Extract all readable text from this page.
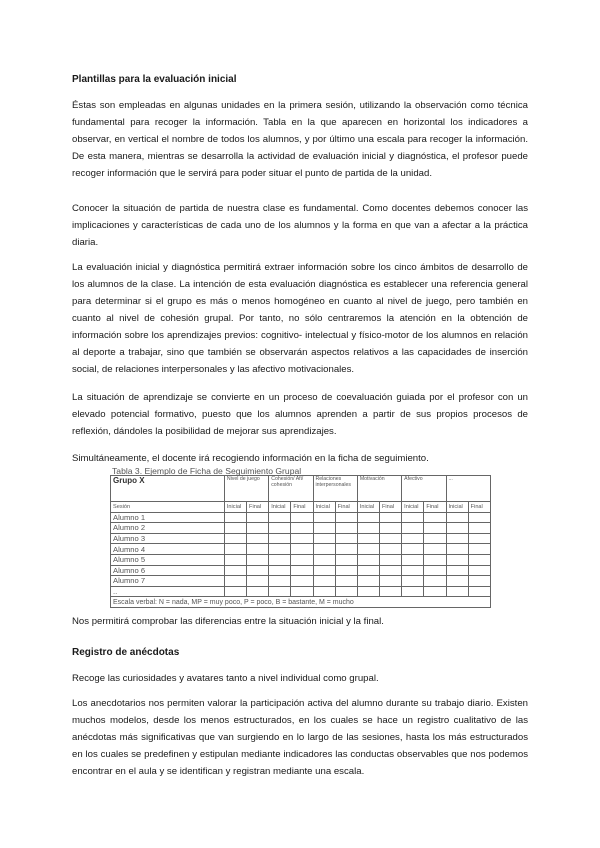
Plantillas para la evaluación inicial
Éstas son empleadas en algunas unidades en la primera sesión, utilizando la observación como técnica fundamental para recoger la información. Tabla en la que aparecen en horizontal los indicadores a observar, en vertical el nombre de todos los alumnos, y por último una escala para recoger la información. De esta manera, mientras se desarrolla la actividad de evaluación inicial y diagnóstica, el profesor puede recoger información que le servirá para poder situar el punto de partida de la unidad.
Conocer la situación de partida de nuestra clase es fundamental. Como docentes debemos conocer las implicaciones y características de cada uno de los alumnos y la forma en que van a afectar a la práctica diaria.
La evaluación inicial y diagnóstica permitirá extraer información sobre los cinco ámbitos de desarrollo de los alumnos de la clase. La intención de esta evaluación diagnóstica es establecer una referencia general para determinar si el grupo es más o menos homogéneo en cuanto al nivel de juego, pero también en cuanto al nivel de cohesión grupal. Por tanto, no sólo centraremos la atención en la obtención de información sobre los aprendizajes previos: cognitivo- intelectual y físico-motor de los alumnos en relación al deporte a trabajar, sino que también se observarán aspectos relativos a las capacidades de inserción social, de relaciones interpersonales y las afectivo motivacionales.
La situación de aprendizaje se convierte en un proceso de coevaluación guiada por el profesor con un elevado potencial formativo, puesto que los alumnos aprenden a partir de sus propios procesos de reflexión, dándoles la posibilidad de mejorar sus aprendizajes.
Simultáneamente, el docente irá recogiendo información en la ficha de seguimiento.
Tabla 3. Ejemplo de Ficha de Seguimiento Grupal
Grupo X	Nivel de juego		Cohesión/ Afi/ cohesión		Relaciones interpersonales		Motivación		Afectivo		...	
Sesión	Inicial	Final	Inicial	Final	Inicial	Final	Inicial	Final	Inicial	Final	Inicial	Final
Alumno 1												
Alumno 2												
Alumno 3												
Alumno 4												
Alumno 5												
Alumno 6												
Alumno 7												
..												
Escala verbal: N = nada, MP = muy poco, P = poco, B = bastante, M = mucho												
Nos permitirá comprobar las diferencias entre la situación inicial y la final.
Registro de anécdotas
Recoge las curiosidades y avatares tanto a nivel individual como grupal.
Los anecdotarios nos permiten valorar la participación activa del alumno durante su trabajo diario. Existen muchos modelos, desde los menos estructurados, en los cuales se hace un registro cualitativo de las anécdotas más significativas que van surgiendo en lo largo de las sesiones, hasta los más estructurados en los cuales se predefinen y estipulan mediante indicadores las conductas observables que nos podemos encontrar en el aula y se identifican y registran mediante una escala.
